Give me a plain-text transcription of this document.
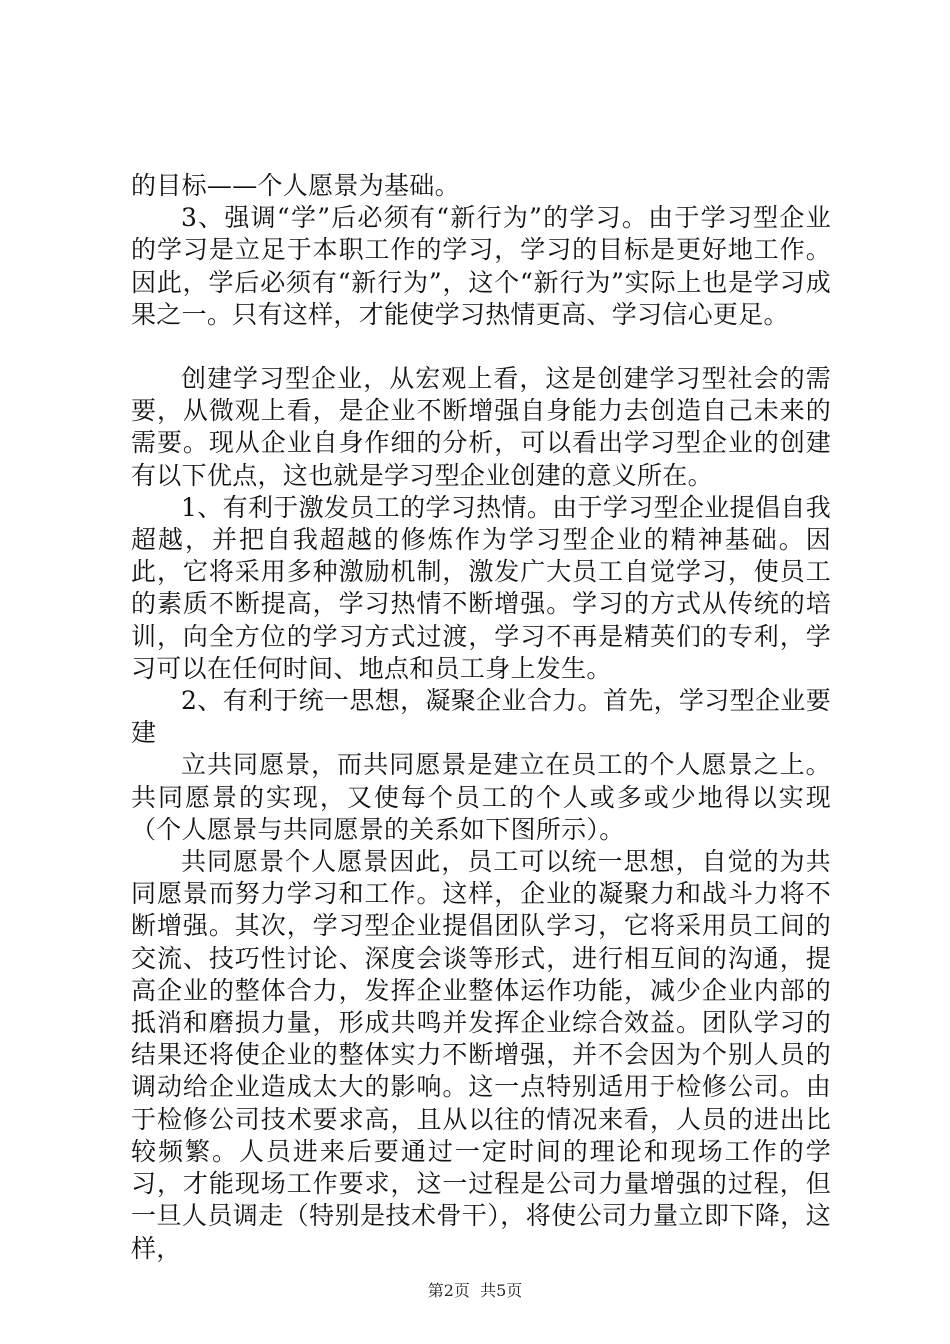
的目标——个人愿景为基础。

3、强调“学”后必须有“新行为”的学习。由于学习型企业的学习是立足于本职工作的学习，学习的目标是更好地工作。因此，学后必须有“新行为”，这个“新行为”实际上也是学习成果之一。只有这样，才能使学习热情更高、学习信心更足。

创建学习型企业，从宏观上看，这是创建学习型社会的需要，从微观上看，是企业不断增强自身能力去创造自己未来的需要。现从企业自身作细的分析，可以看出学习型企业的创建有以下优点，这也就是学习型企业创建的意义所在。

1、有利于激发员工的学习热情。由于学习型企业提倡自我超越，并把自我超越的修炼作为学习型企业的精神基础。因此，它将采用多种激励机制，激发广大员工自觉学习，使员工的素质不断提高，学习热情不断增强。学习的方式从传统的培训，向全方位的学习方式过渡，学习不再是精英们的专利，学习可以在任何时间、地点和员工身上发生。

2、有利于统一思想，凝聚企业合力。首先，学习型企业要建

立共同愿景，而共同愿景是建立在员工的个人愿景之上。共同愿景的实现，又使每个员工的个人或多或少地得以实现（个人愿景与共同愿景的关系如下图所示）。

共同愿景个人愿景因此，员工可以统一思想，自觉的为共同愿景而努力学习和工作。这样，企业的凝聚力和战斗力将不断增强。其次，学习型企业提倡团队学习，它将采用员工间的交流、技巧性讨论、深度会谈等形式，进行相互间的沟通，提高企业的整体合力，发挥企业整体运作功能，减少企业内部的抵消和磨损力量，形成共鸣并发挥企业综合效益。团队学习的结果还将使企业的整体实力不断增强，并不会因为个别人员的调动给企业造成太大的影响。这一点特别适用于检修公司。由于检修公司技术要求高，且从以往的情况来看，人员的进出比较频繁。人员进来后要通过一定时间的理论和现场工作的学习，才能现场工作要求，这一过程是公司力量增强的过程，但一旦人员调走（特别是技术骨干），将使公司力量立即下降，这样，

第2页  共5页
